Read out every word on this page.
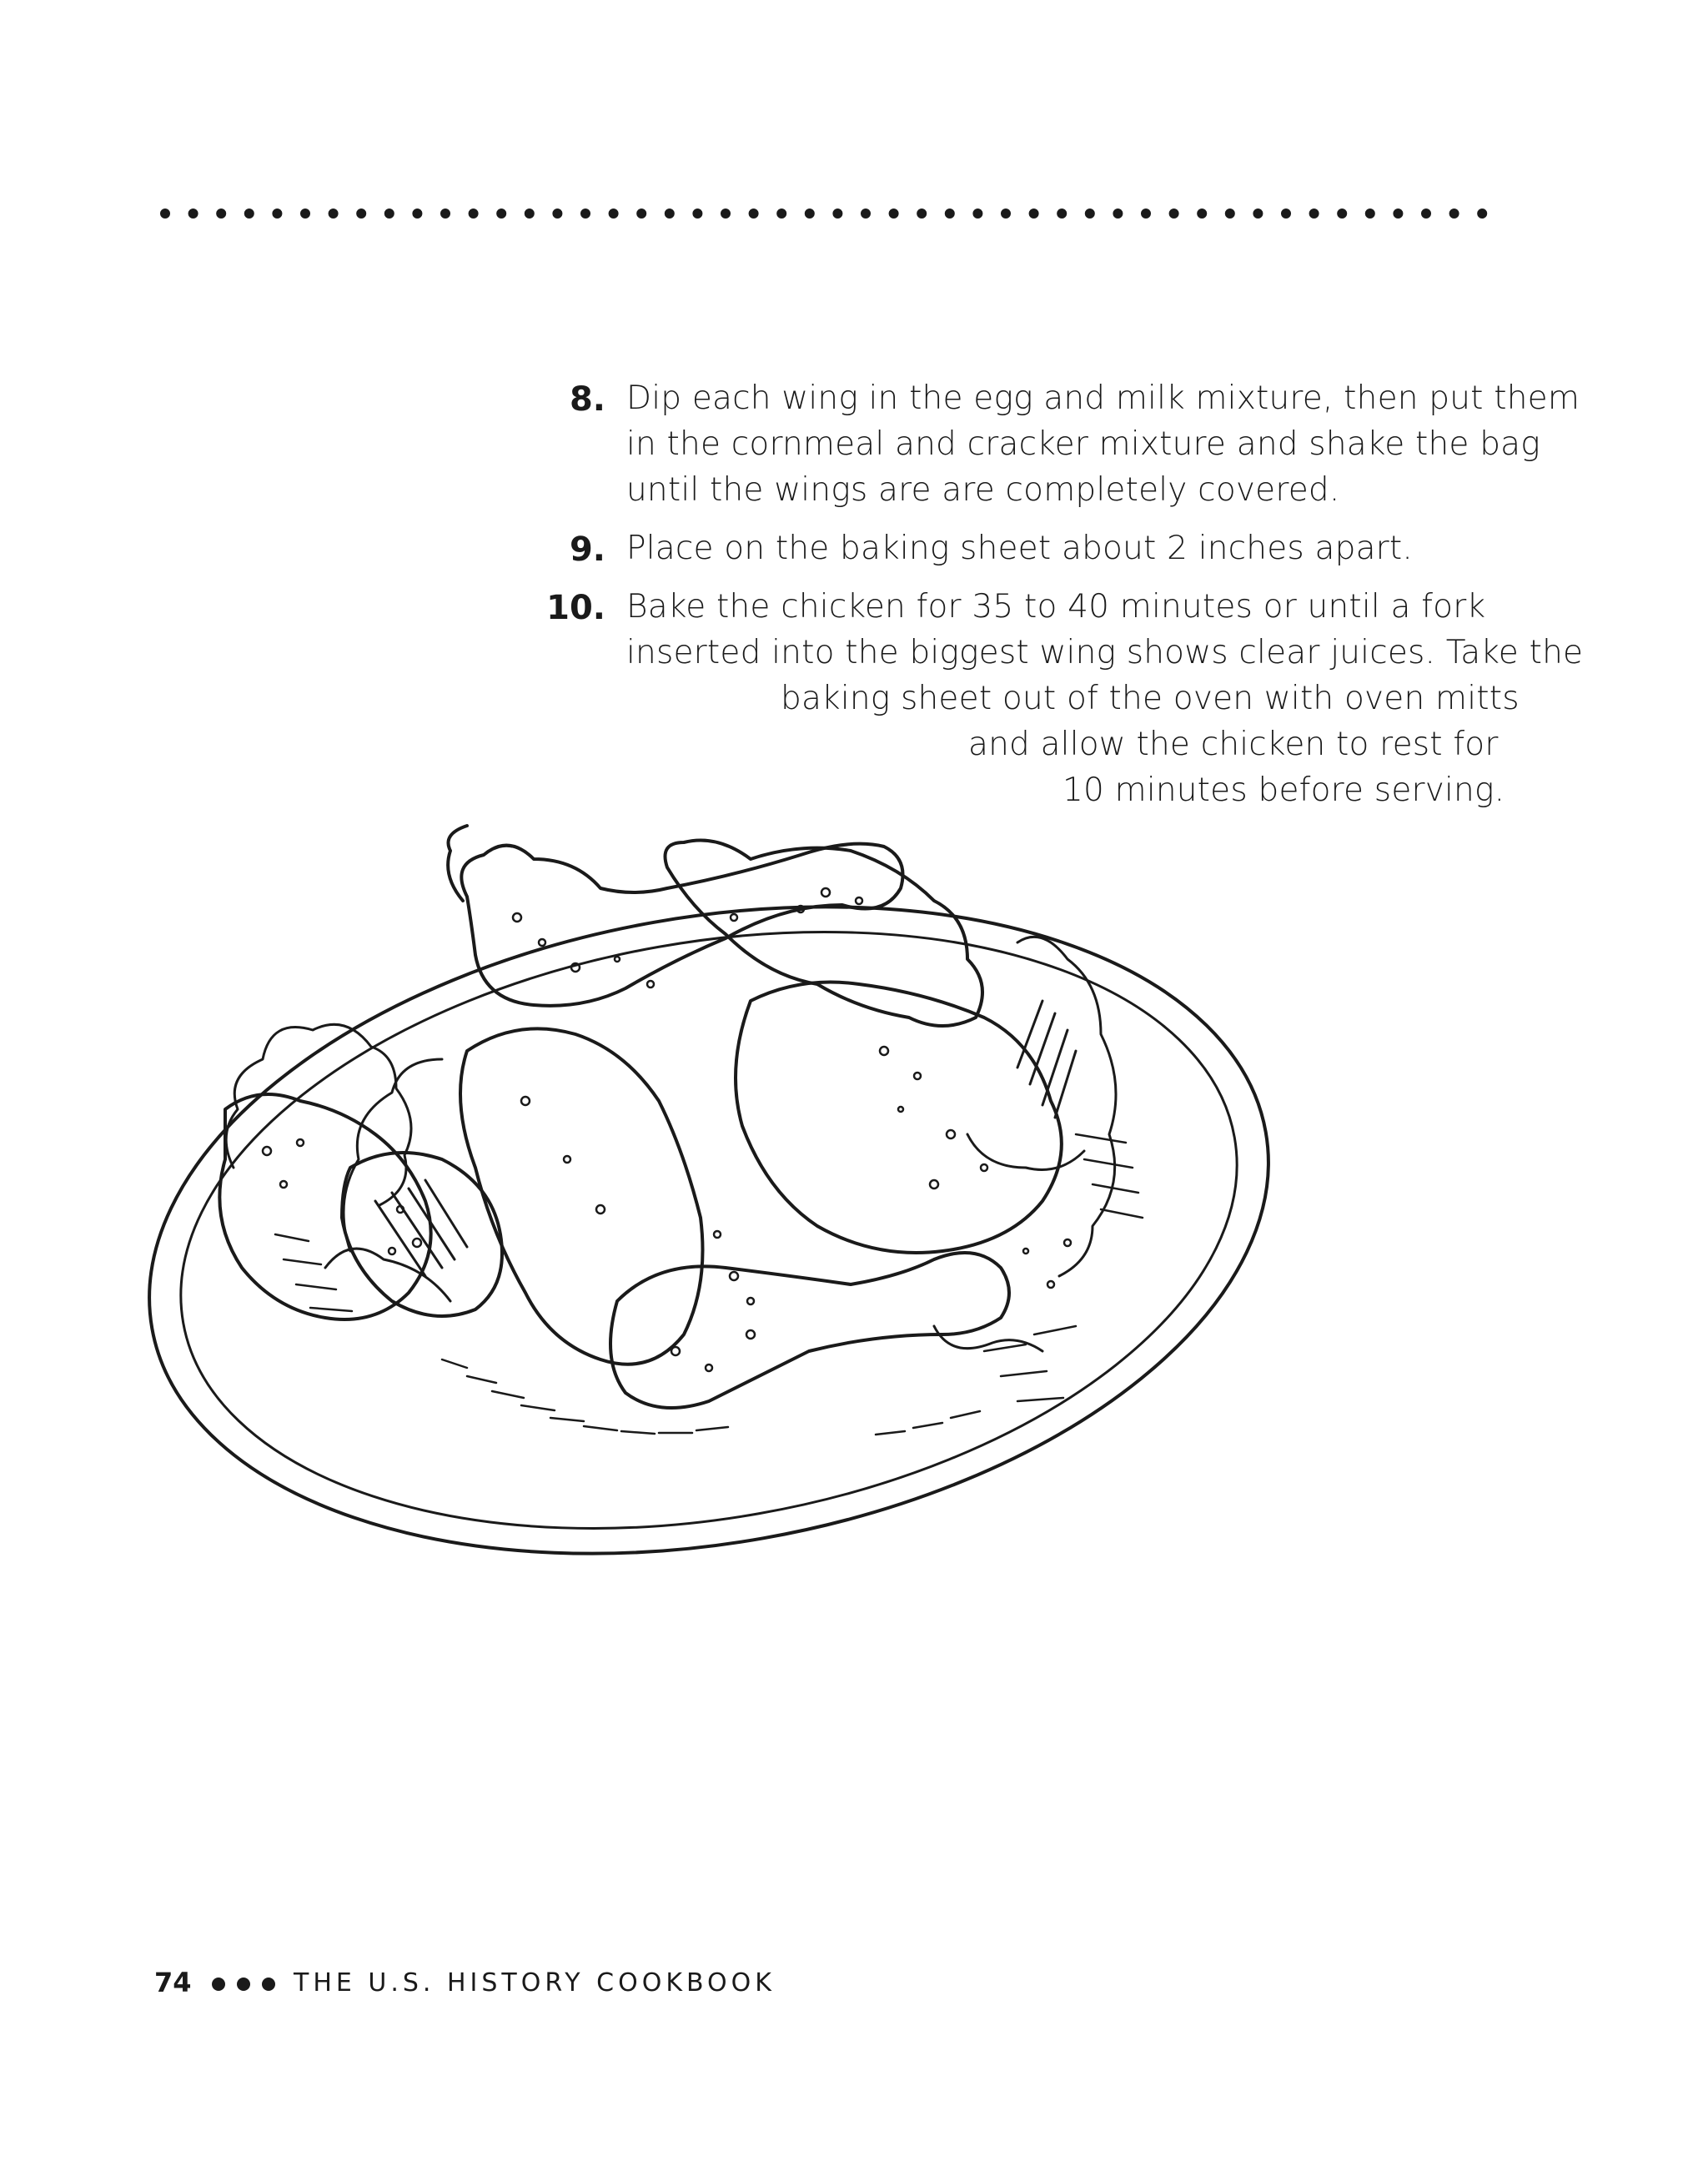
8. Dip each wing in the egg and milk mixture, then put them
in the cornmeal and cracker mixture and shake the bag
until the wings are are completely covered.
9. Place on the baking sheet about 2 inches apart.
10. Bake the chicken for 35 to 40 minutes or until a fork
inserted into the biggest wing shows clear juices. Take the
baking sheet out of the oven with oven mitts
and allow the chicken to rest for
10 minutes before serving.
74	THE U.S. HISTORY COOKBOOK
